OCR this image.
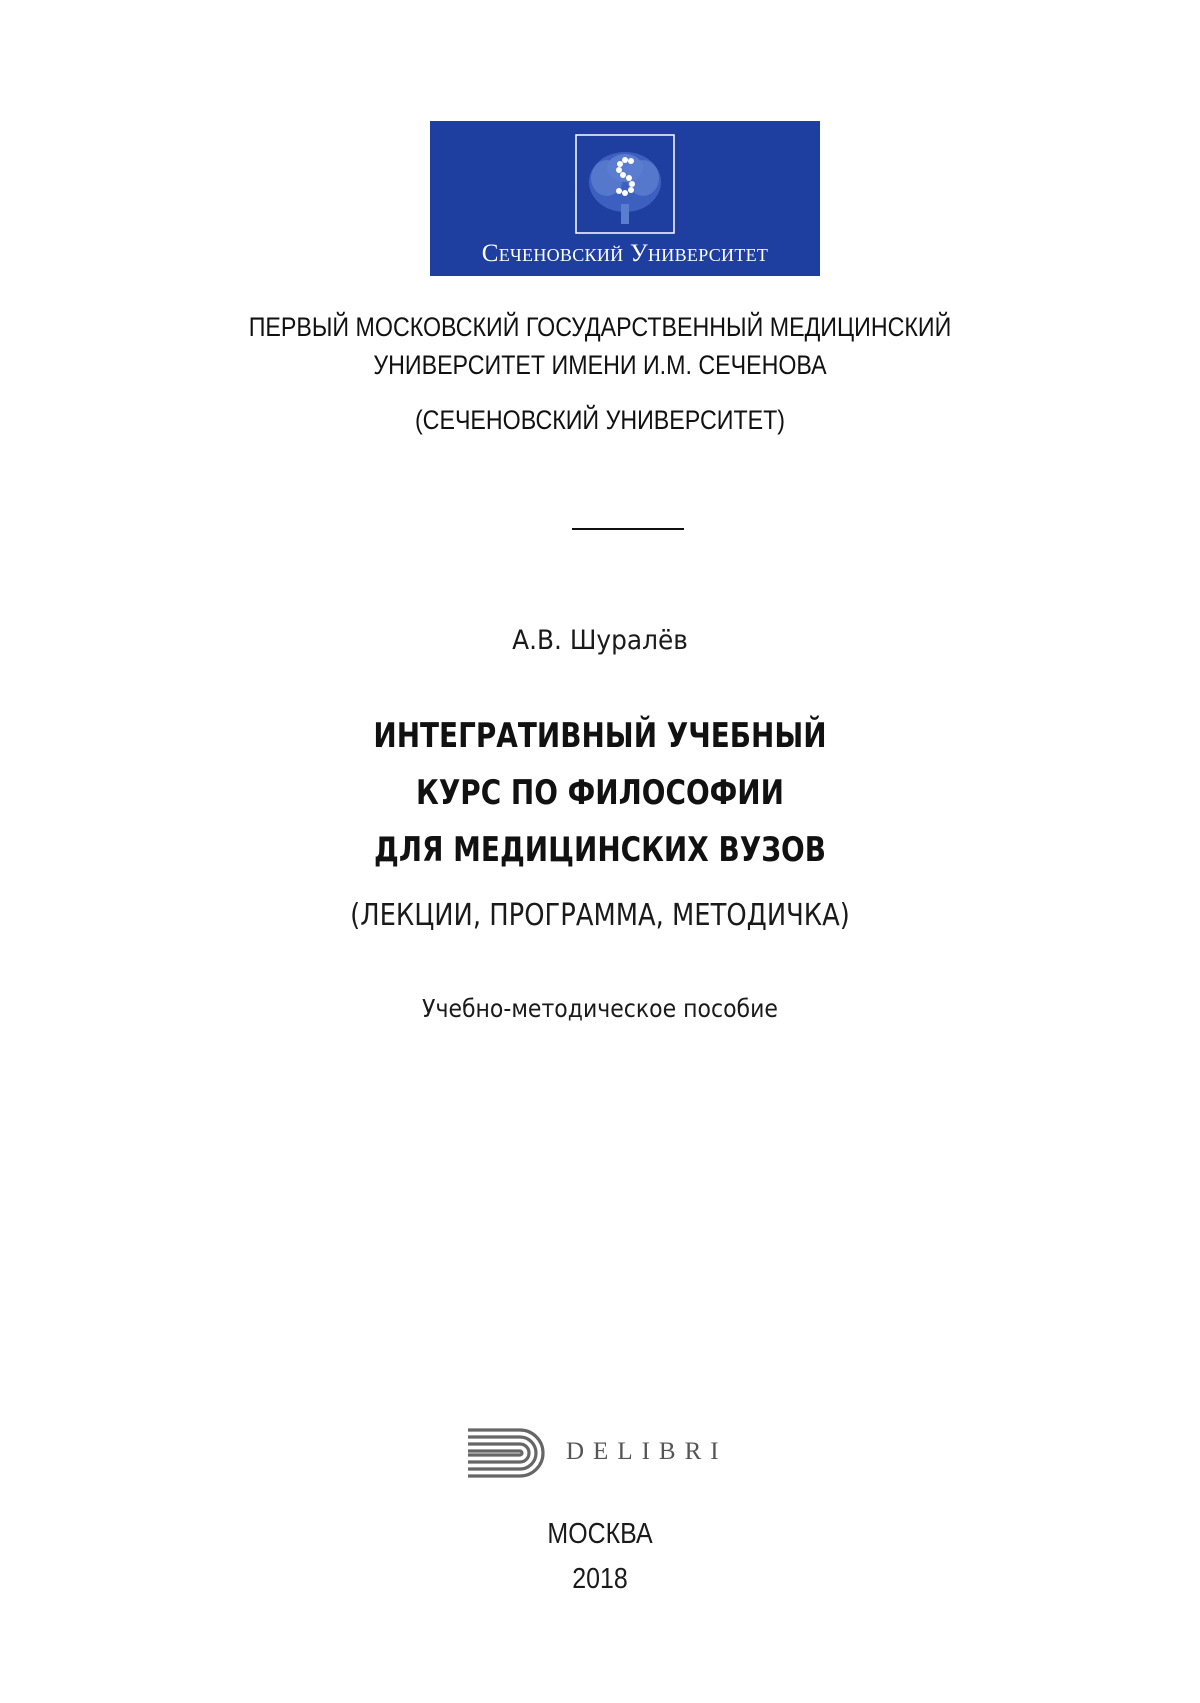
Сеченовский Университет
ПЕРВЫЙ МОСКОВСКИЙ ГОСУДАРСТВЕННЫЙ МЕДИЦИНСКИЙ
УНИВЕРСИТЕТ ИМЕНИ И.М. СЕЧЕНОВА
(СЕЧЕНОВСКИЙ УНИВЕРСИТЕТ)
А.В. Шуралёв
ИНТЕГРАТИВНЫЙ УЧЕБНЫЙ
КУРС ПО ФИЛОСОФИИ
ДЛЯ МЕДИЦИНСКИХ ВУЗОВ
(ЛЕКЦИИ, ПРОГРАММА, МЕТОДИЧКА)
Учебно-методическое пособие
DELIBRI
МОСКВА
2018
